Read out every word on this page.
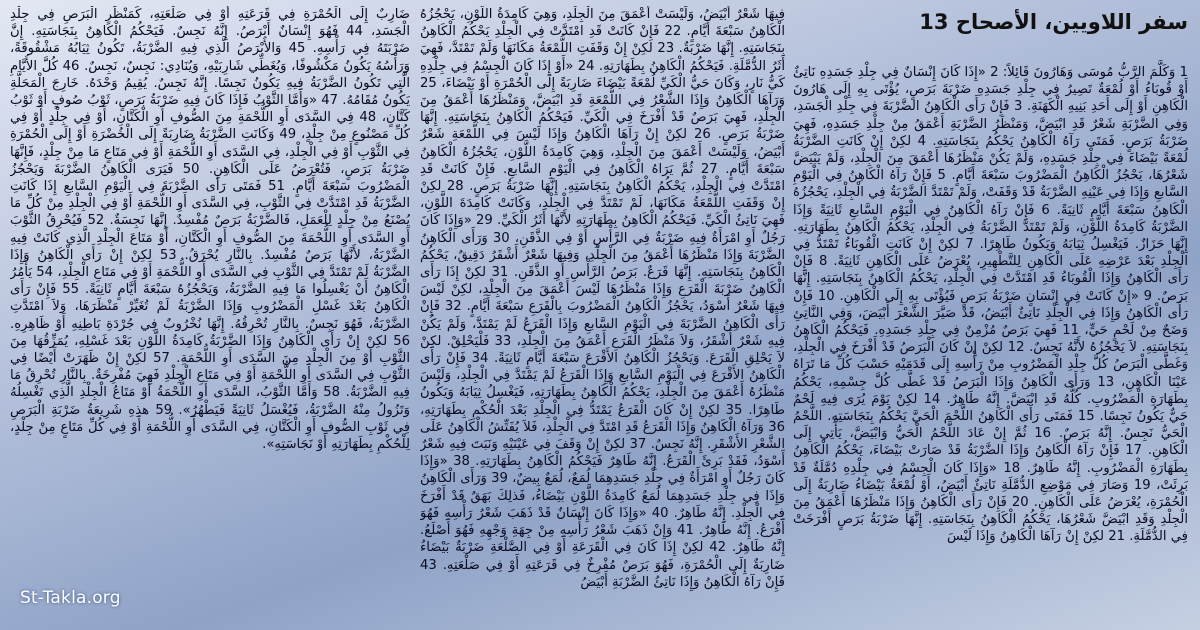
سفر اللاويين، الأصحاح 13
1 وَكَلَّمَ الرَّبُّ مُوسَى وَهَارُونَ قَائِلاً: 2 «إِذَا كَانَ إِنْسَانٌ فِي جِلْدِ جَسَدِهِ نَاتِئٌ أَوْ قُوبَاءُ أَوْ لُمْعَةٌ تَصِيرُ فِي جِلْدِ جَسَدِهِ ضَرْبَةَ بَرَصٍ، يُؤْتَى بِهِ إِلَى هَارُونَ الْكَاهِنِ أَوْ إِلَى أَحَدِ بَنِيهِ الْكَهَنَةِ. 3 فَإِنْ رَأَى الْكَاهِنُ الضَّرْبَةَ فِي جِلْدِ الْجَسَدِ، وَفِي الضَّرْبَةِ شَعْرٌ قَدِ ابْيَضَّ، وَمَنْظَرُ الضَّرْبَةِ أَعْمَقُ مِنْ جِلْدِ جَسَدِهِ، فَهِيَ ضَرْبَةُ بَرَصٍ. فَمَتَى رَآهُ الْكَاهِنُ يَحْكُمُ بِنَجَاسَتِهِ. 4 لكِنْ إِنْ كَانَتِ الضَّرْبَةُ لُمْعَةً بَيْضَاءَ فِي جِلْدِ جَسَدِهِ، وَلَمْ يَكُنْ مَنْظَرُهَا أَعْمَقَ مِنَ الْجِلْدِ، وَلَمْ يَبْيَضَّ شَعْرُهَا، يَحْجُزُ الْكَاهِنُ الْمَضْرُوبَ سَبْعَةَ أَيَّامٍ. 5 فَإِنْ رَآهُ الْكَاهِنُ فِي الْيَوْمِ السَّابعِ وَإِذَا فِي عَيْنِهِ الضَّرْبَةُ قَدْ وَقَفَتْ، وَلَمْ تَمْتَدَّ الضَّرْبَةُ فِي الْجِلْدِ، يَحْجُزُهُ الْكَاهِنُ سَبْعَةَ أَيَّامٍ ثَانِيَةً. 6 فَإِنْ رَآهُ الْكَاهِنُ فِي الْيَوْمِ السَّابعِ ثَانِيَةً وَإِذَا الضَّرْبَةُ كَامِدَةُ اللَّوْنِ، وَلَمْ تَمْتَدَّ الضَّرْبَةُ فِي الْجِلْدِ، يَحْكُمُ الْكَاهِنُ بِطَهَارَتِهِ. إِنَّهَا حَزَازٌ. فَيَغْسِلُ ثِيَابَهُ وَيَكُونُ طَاهِرًا. 7 لكِنْ إِنْ كَانَتِ الْقُوبَاءُ تَمْتَدُّ فِي الْجِلْدِ بَعْدَ عَرْضِهِ عَلَى الْكَاهِنِ لِلتَّطْهِيرِ، يُعْرَضُ عَلَى الْكَاهِنِ ثَانِيَةً. 8 فَإِنْ رَأَى الْكَاهِنُ وَإِذَا الْقُوبَاءُ قَدِ امْتَدَّتْ فِي الْجِلْدِ، يَحْكُمُ الْكَاهِنُ بِنَجَاسَتِهِ. إِنَّهَا بَرَصٌ. 9 «إِنْ كَانَتْ فِي إِنْسَانٍ ضَرْبَةُ بَرَصٍ فَيُؤْتَى بِهِ إِلَى الْكَاهِنِ. 10 فَإِنْ رَأَى الْكَاهِنُ وَإِذَا فِي الْجِلْدِ نَاتِئٌ أَبْيَضُ، قَدْ صَيَّرَ الشَّعْرَ أَبْيَضَ، وَفِي النَّاتِئِ وَضَحٌ مِنْ لَحْمٍ حَيٍّ، 11 فَهِيَ بَرَصٌ مُزْمِنٌ فِي جِلْدِ جَسَدِهِ. فَيَحْكُمُ الْكَاهِنُ بِنَجَاسَتِهِ. لاَ يَحْجُزُهُ لأَنَّهُ نَجِسٌ. 12 لكِنْ إِنْ كَانَ الْبَرَصُ قَدْ أَفْرَخَ فِي الْجِلْدِ، وَغَطَّى الْبَرَصُ كُلَّ جِلْدِ الْمَضْرُوبِ مِنْ رَأْسِهِ إِلَى قَدَمَيْهِ حَسْبَ كُلِّ مَا تَرَاهُ عَيْنَا الْكَاهِنِ، 13 وَرَأَى الْكَاهِنُ وَإِذَا الْبَرَصُ قَدْ غَطَّى كُلَّ جِسْمِهِ، يَحْكُمُ بِطَهَارَةِ الْمَضْرُوبِ. كُلُّهُ قَدِ ابْيَضَّ. إِنَّهُ طَاهِرٌ. 14 لكِنْ يَوْمَ يُرَى فِيهِ لَحْمٌ حَيٌّ يَكُونُ نَجِسًا. 15 فَمَتَى رَأَى الْكَاهِنُ اللَّحْمَ الْحَيَّ يَحْكُمُ بِنَجَاسَتِهِ. اللَّحْمُ الْحَيُّ نَجِسٌ. إِنَّهُ بَرَصٌ. 16 ثُمَّ إِنْ عَادَ اللَّحْمُ الْحَيُّ وَابْيَضَّ، يَأْتِي إِلَى الْكَاهِنِ. 17 فَإِنْ رَآهُ الْكَاهِنُ وَإِذَا الضَّرْبَةُ قَدْ صَارَتْ بَيْضَاءَ، يَحْكُمُ الْكَاهِنُ بِطَهَارَةِ الْمَضْرُوبِ. إِنَّهُ طَاهِرٌ. 18 «وَإِذَا كَانَ الْجِسْمُ فِي جِلْدِهِ دُمَّلَةٌ قَدْ بَرِئَتْ، 19 وَصَارَ فِي مَوْضِعِ الدُّمَّلَةِ نَاتِئٌ أَبْيَضُ، أَوْ لُمْعَةٌ بَيْضَاءُ ضَارِبَةٌ إِلَى الْحُمْرَةِ، يُعْرَضُ عَلَى الْكَاهِنِ. 20 فَإِنْ رَأَى الْكَاهِنُ وَإِذَا مَنْظَرُهَا أَعْمَقُ مِنَ الْجِلْدِ وَقَدِ ابْيَضَّ شَعْرُهَا، يَحْكُمُ الْكَاهِنُ بِنَجَاسَتِهِ. إِنَّهَا ضَرْبَةُ بَرَصٍ أَفْرَخَتْ فِي الدُّمَّلَةِ. 21 لكِنْ إِنْ رَآهَا الْكَاهِنُ وَإِذَا لَيْسَ
فِيهَا شَعْرٌ أَبْيَضُ، وَلَيْسَتْ أَعْمَقَ مِنَ الْجِلْدِ، وَهِيَ كَامِدَةُ اللَّوْنِ، يَحْجُزُهُ الْكَاهِنُ سَبْعَةَ أَيَّامٍ. 22 فَإِنْ كَانَتْ قَدِ امْتَدَّتْ فِي الْجِلْدِ يَحْكُمُ الْكَاهِنُ بِنَجَاسَتِهِ. إِنَّهَا ضَرْبَةٌ. 23 لكِنْ إِنْ وَقَفَتِ اللُّمْعَةُ مَكَانَهَا وَلَمْ تَمْتَدَّ، فَهِيَ أَثَرُ الدُّمَّلَةِ. فَيَحْكُمُ الْكَاهِنُ بِطَهَارَتِهِ. 24 «أَوْ إِذَا كَانَ الْجِسْمُ فِي جِلْدِهِ كَيُّ نَارٍ، وَكَانَ حَيُّ الْكَيِّ لُمْعَةً بَيْضَاءَ ضَارِبَةً إِلَى الْحُمْرَةِ أَوْ بَيْضَاءَ، 25 وَرَآهَا الْكَاهِنُ وَإِذَا الشَّعْرُ فِي اللُّمْعَةِ قَدِ ابْيَضَّ، وَمَنْظَرُهَا أَعْمَقُ مِنَ الْجِلْدِ، فَهِيَ بَرَصٌ قَدْ أَفْرَخَ فِي الْكَيِّ. فَيَحْكُمُ الْكَاهِنُ بِنَجَاسَتِهِ. إِنَّهَا ضَرْبَةُ بَرَصٍ. 26 لكِنْ إِنْ رَآهَا الْكَاهِنُ وَإِذَا لَيْسَ فِي اللُّمْعَةِ شَعْرٌ أَبْيَضُ، وَلَيْسَتْ أَعْمَقَ مِنَ الْجِلْدِ، وَهِيَ كَامِدَةُ اللَّوْنِ، يَحْجُزُهُ الْكَاهِنُ سَبْعَةَ أَيَّامٍ. 27 ثُمَّ يَرَاهُ الْكَاهِنُ فِي الْيَوْمِ السَّابعِ. فَإِنْ كَانَتْ قَدِ امْتَدَّتْ فِي الْجِلْدِ، يَحْكُمُ الْكَاهِنُ بِنَجَاسَتِهِ. إِنَّهَا ضَرْبَةُ بَرَصٍ. 28 لكِنْ إِنْ وَقَفَتِ اللُّمْعَةُ مَكَانَهَا، لَمْ تَمْتَدَّ فِي الْجِلْدِ، وَكَانَتْ كَامِدَةَ اللَّوْنِ، فَهِيَ نَاتِئُ الْكَيِّ. فَيَحْكُمُ الْكَاهِنُ بِطَهَارَتِهِ لأَنَّهَا أَثَرُ الْكَيِّ. 29 «وَإِذَا كَانَ رَجُلٌ أَوِ امْرَأَةٌ فِيهِ ضَرْبَةٌ فِي الرَّأْسِ أَوْ فِي الذَّقَنِ، 30 وَرَأَى الْكَاهِنُ الضَّرْبَةَ وَإِذَا مَنْظَرُهَا أَعْمَقُ مِنَ الْجِلْدِ، وَفِيهَا شَعْرٌ أَشْقَرُ دَقِيقٌ، يَحْكُمُ الْكَاهِنُ بِنَجَاسَتِهِ. إِنَّهَا قَرَعٌ. بَرَصُ الرَّأْسِ أَوِ الذَّقَنِ. 31 لكِنْ إِذَا رَأَى الْكَاهِنُ ضَرْبَةَ الْقَرَعِ وَإِذَا مَنْظَرُهَا لَيْسَ أَعْمَقَ مِنَ الْجِلْدِ، لكِنْ لَيْسَ فِيهَا شَعْرٌ أَسْوَدُ، يَحْجُزُ الْكَاهِنُ الْمَضْرُوبَ بِالْقَرَعِ سَبْعَةَ أَيَّامٍ. 32 فَإِنْ رَأَى الْكَاهِنُ الضَّرْبَةَ فِي الْيَوْمِ السَّابعِ وَإِذَا الْقَرَعُ لَمْ يَمْتَدَّ، وَلَمْ يَكُنْ فِيهِ شَعْرٌ أَشْقَرُ، وَلاَ مَنْظَرُ الْقَرَعِ أَعْمَقُ مِنَ الْجِلْدِ، 33 فَلْيَحْلِقْ. لكِنْ لاَ يَحْلِقِ الْقَرَعَ. وَيَحْجُزُ الْكَاهِنُ الأَقْرَعَ سَبْعَةَ أَيَّامٍ ثَانِيَةً. 34 فَإِنْ رَأَى الْكَاهِنُ الأَقْرَعَ فِي الْيَوْمِ السَّابعِ وَإِذَا الْقَرَعُ لَمْ يَمْتَدَّ فِي الْجِلْدِ، وَلَيْسَ مَنْظَرُهُ أَعْمَقَ مِنَ الْجِلْدِ، يَحْكُمُ الْكَاهِنُ بِطَهَارَتِهِ، فَيَغْسِلُ ثِيَابَهُ وَيَكُونُ طَاهِرًا. 35 لكِنْ إِنْ كَانَ الْقَرَعُ يَمْتَدُّ فِي الْجِلْدِ بَعْدَ الْحُكْمِ بِطَهَارَتِهِ، 36 وَرَآهُ الْكَاهِنُ وَإِذَا الْقَرَعُ قَدِ امْتَدَّ فِي الْجِلْدِ، فَلاَ يُفَتِّشُ الْكَاهِنُ عَلَى الشَّعْرِ الأَشْقَرِ. إِنَّهُ نَجِسٌ. 37 لكِنْ إِنْ وَقَفَ فِي عَيْنَيْهِ وَنَبَتَ فِيهِ شَعْرٌ أَسْوَدُ، فَقَدْ بَرِئَ الْقَرَعُ. إِنَّهُ طَاهِرٌ فَيَحْكُمُ الْكَاهِنُ بِطَهَارَتِهِ. 38 «وَإِذَا كَانَ رَجُلٌ أَوِ امْرَأَةٌ فِي جِلْدِ جَسَدِهِمَا لُمَعٌ، لُمَعٌ بِيضٌ، 39 وَرَأَى الْكَاهِنُ وَإِذَا فِي جِلْدِ جَسَدِهِمَا لُمَعٌ كَامِدَةُ اللَّوْنِ بَيْضَاءُ، فَذلِكَ بَهَقٌ قَدْ أَفْرَخَ فِي الْجِلْدِ. إِنَّهُ طَاهِرٌ. 40 «وَإِذَا كَانَ إِنْسَانٌ قَدْ ذَهَبَ شَعْرُ رَأْسِهِ فَهُوَ أَقْرَعُ. إِنَّهُ طَاهِرٌ. 41 وَإِنْ ذَهَبَ شَعْرُ رَأْسِهِ مِنْ جِهَةِ وَجْهِهِ فَهُوَ أَصْلَعُ. إِنَّهُ طَاهِرٌ. 42 لكِنْ إِذَا كَانَ فِي الْقَرَعَةِ أَوْ فِي الصَّلْعَةِ ضَرْبَةٌ بَيْضَاءُ ضَارِبَةٌ إِلَى الْحُمْرَةِ، فَهُوَ بَرَصٌ مُفْرِخٌ فِي قَرَعَتِهِ أَوْ فِي صَلْعَتِهِ. 43 فَإِنْ رَآهُ الْكَاهِنُ وَإِذَا نَاتِئُ الضَّرْبَةِ أَبْيَضُ
ضَارِبٌ إِلَى الْحُمْرَةِ فِي قَرَعَتِهِ أَوْ فِي صَلْعَتِهِ، كَمَنْظَرِ الْبَرَصِ فِي جِلْدِ الْجَسَدِ، 44 فَهُوَ إِنْسَانٌ أَبْرَصُ. إِنَّهُ نَجِسٌ. فَيَحْكُمُ الْكَاهِنُ بِنَجَاسَتِهِ. إِنَّ ضَرْبَتَهُ فِي رَأْسِهِ. 45 وَالأَبْرَصُ الَّذِي فِيهِ الضَّرْبَةُ، تَكُونُ ثِيَابُهُ مَشْقُوقَةً، وَرَأْسُهُ يَكُونُ مَكْشُوفًا، وَيُغَطِّي شَارِبَيْهِ، وَيُنَادِي: نَجِسٌ، نَجِسٌ. 46 كُلَّ الأَيَّامِ الَّتِي تَكُونُ الضَّرْبَةُ فِيهِ يَكُونُ نَجِسًا. إِنَّهُ نَجِسٌ. يُقِيمُ وَحْدَهُ. خَارِجَ الْمَحَلَّةِ يَكُونُ مُقَامُهُ. 47 «وَأَمَّا الثَّوْبُ فَإِذَا كَانَ فِيهِ ضَرْبَةُ بَرَصٍ، ثَوْبُ صُوفٍ أَوْ ثَوْبُ كَتَّانٍ، 48 فِي السَّدَى أَوِ اللُّحْمَةِ مِنَ الصُّوفِ أَوِ الْكَتَّانِ، أَوْ فِي جِلْدٍ أَوْ فِي كُلِّ مَصْنُوعٍ مِنْ جِلْدٍ، 49 وَكَانَتِ الضَّرْبَةُ ضَارِبَةً إِلَى الْخُضْرَةِ أَوْ إِلَى الْحُمْرَةِ فِي الثَّوْبِ أَوْ فِي الْجِلْدِ، فِي السَّدَى أَوِ اللُّحْمَةِ أَوْ فِي مَتَاعٍ مَا مِنْ جِلْدٍ، فَإِنَّهَا ضَرْبَةُ بَرَصٍ، فَتُعْرَضُ عَلَى الْكَاهِنِ. 50 فَيَرَى الْكَاهِنُ الضَّرْبَةَ وَيَحْجُزُ الْمَضْرُوبَ سَبْعَةَ أَيَّامٍ. 51 فَمَتَى رَأَى الضَّرْبَةَ فِي الْيَوْمِ السَّابعِ إِذَا كَانَتِ الضَّرْبَةُ قَدِ امْتَدَّتْ فِي الثَّوْبِ، فِي السَّدَى أَوِ اللُّحْمَةِ أَوْ فِي الْجِلْدِ مِنْ كُلِّ مَا يُصْنَعُ مِنْ جِلْدٍ لِلْعَمَلِ، فَالضَّرْبَةُ بَرَصٌ مُفْسِدٌ. إِنَّهَا نَجِسَةٌ. 52 فَيُحْرِقُ الثَّوْبَ أَوِ السَّدَى أَوِ اللُّحْمَةَ مِنَ الصُّوفِ أَوِ الْكَتَّانِ، أَوْ مَتَاعَ الْجِلْدِ الَّذِي كَانَتْ فِيهِ الضَّرْبَةُ، لأَنَّهَا بَرَصٌ مُفْسِدٌ. بِالنَّارِ يُحْرَقُ. 53 لكِنْ إِنْ رَأَى الْكَاهِنُ وَإِذَا الضَّرْبَةُ لَمْ تَمْتَدَّ فِي الثَّوْبِ فِي السَّدَى أَوِ اللُّحْمَةِ أَوْ فِي مَتَاعِ الْجِلْدِ، 54 يَأْمُرُ الْكَاهِنُ أَنْ يَغْسِلُوا مَا فِيهِ الضَّرْبَةُ، وَيَحْجُزُهُ سَبْعَةَ أَيَّامٍ ثَانِيَةً. 55 فَإِنْ رَأَى الْكَاهِنُ بَعْدَ غَسْلِ الْمَضْرُوبِ وَإِذَا الضَّرْبَةُ لَمْ تُغَيِّرْ مَنْظَرَهَا، وَلاَ امْتَدَّتِ الضَّرْبَةُ، فَهُوَ نَجِسٌ. بِالنَّارِ تُحْرِقُهُ. إِنَّهَا نُخْرُوبٌ فِي جُرْدَةِ بَاطِنِهِ أَوْ ظَاهِرِهِ. 56 لكِنْ إِنْ رَأَى الْكَاهِنُ وَإِذَا الضَّرْبَةُ كَامِدَةُ اللَّوْنِ بَعْدَ غَسْلِهِ، يُمَزِّقُهَا مِنَ الثَّوْبِ أَوْ مِنَ الْجِلْدِ مِنَ السَّدَى أَوِ اللُّحْمَةِ. 57 لكِنْ إِنْ ظَهَرَتْ أَيْضًا فِي الثَّوْبِ فِي السَّدَى أَوِ اللُّحْمَةِ أَوْ فِي مَتَاعِ الْجِلْدِ فَهِيَ مُفْرِخَةٌ. بِالنَّارِ تُحْرِقُ مَا فِيهِ الضَّرْبَةُ. 58 وَأَمَّا الثَّوْبُ، السَّدَى أَوِ اللُّحْمَةُ أَوْ مَتَاعُ الْجِلْدِ الَّذِي تَغْسِلُهُ وَتَزُولُ مِنْهُ الضَّرْبَةُ، فَيُغْسَلُ ثَانِيَةً فَيَطْهُرُ». 59 هذِهِ شَرِيعَةُ ضَرْبَةِ الْبَرَصِ فِي ثَوْبِ الصُّوفِ أَوِ الْكَتَّانِ، فِي السَّدَى أَوِ اللُّحْمَةِ أَوْ فِي كُلِّ مَتَاعٍ مِنْ جِلْدٍ، لِلْحُكْمِ بِطَهَارَتِهِ أَوْ نَجَاسَتِهِ».
St-Takla.org
